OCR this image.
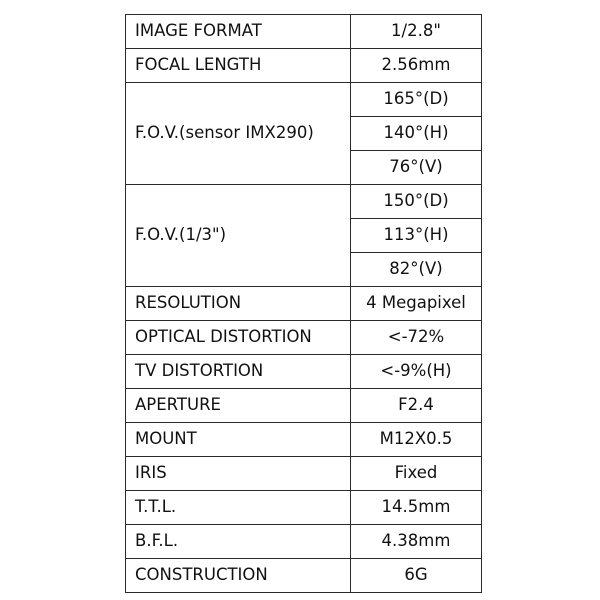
IMAGE FORMAT	1/2.8"
FOCAL LENGTH	2.56mm
F.O.V.(sensor IMX290)	165°(D)
	140°(H)
	76°(V)
F.O.V.(1/3")	150°(D)
	113°(H)
	82°(V)
RESOLUTION	4 Megapixel
OPTICAL DISTORTION	<-72%
TV DISTORTION	<-9%(H)
APERTURE	F2.4
MOUNT	M12X0.5
IRIS	Fixed
T.T.L.	14.5mm
B.F.L.	4.38mm
CONSTRUCTION	6G
